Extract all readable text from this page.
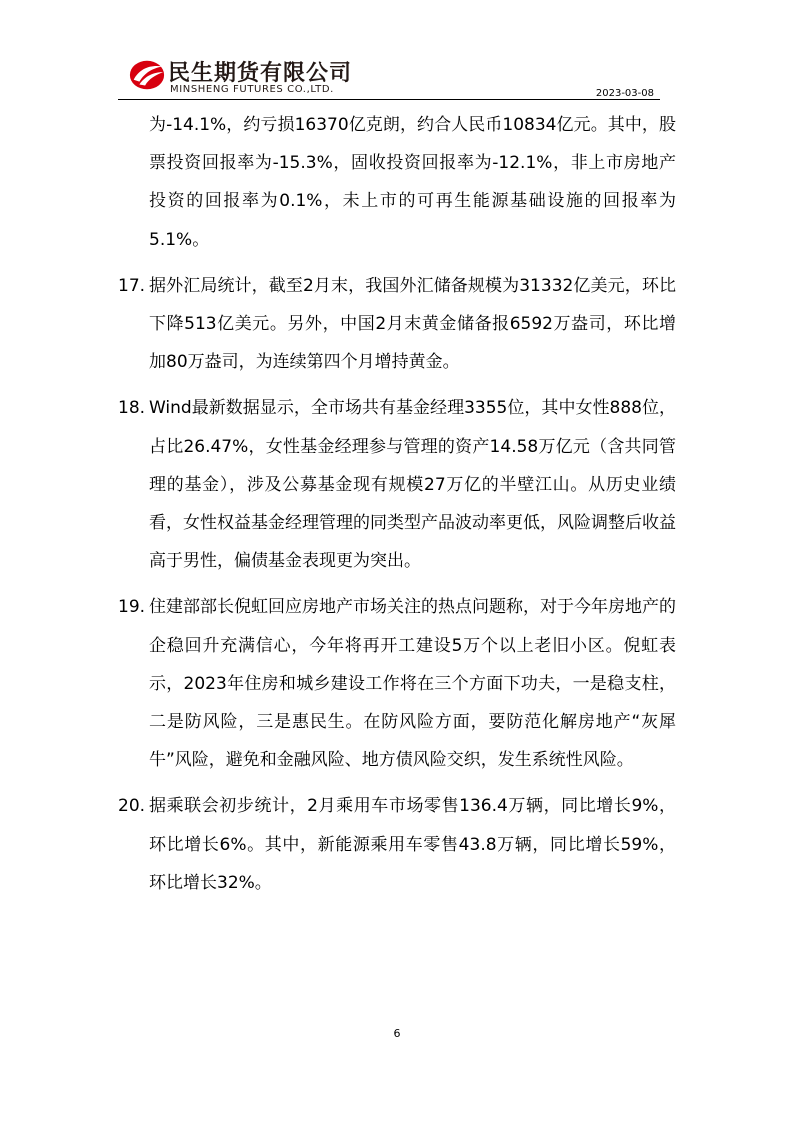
民生期货有限公司
MINSHENG FUTURES CO.,LTD.	2023-03-08

为-14.1%，约亏损16370亿克朗，约合人民币10834亿元。其中，股票投资回报率为-15.3%，固收投资回报率为-12.1%，非上市房地产投资的回报率为0.1%，未上市的可再生能源基础设施的回报率为5.1%。

17. 据外汇局统计，截至2月末，我国外汇储备规模为31332亿美元，环比下降513亿美元。另外，中国2月末黄金储备报6592万盎司，环比增加80万盎司，为连续第四个月增持黄金。
18. Wind最新数据显示，全市场共有基金经理3355位，其中女性888位，占比26.47%，女性基金经理参与管理的资产14.58万亿元（含共同管理的基金），涉及公募基金现有规模27万亿的半壁江山。从历史业绩看，女性权益基金经理管理的同类型产品波动率更低，风险调整后收益高于男性，偏债基金表现更为突出。
19. 住建部部长倪虹回应房地产市场关注的热点问题称，对于今年房地产的企稳回升充满信心，今年将再开工建设5万个以上老旧小区。倪虹表示，2023年住房和城乡建设工作将在三个方面下功夫，一是稳支柱，二是防风险，三是惠民生。在防风险方面，要防范化解房地产“灰犀牛”风险，避免和金融风险、地方债风险交织，发生系统性风险。
20. 据乘联会初步统计，2月乘用车市场零售136.4万辆，同比增长9%，环比增长6%。其中，新能源乘用车零售43.8万辆，同比增长59%，环比增长32%。
6
